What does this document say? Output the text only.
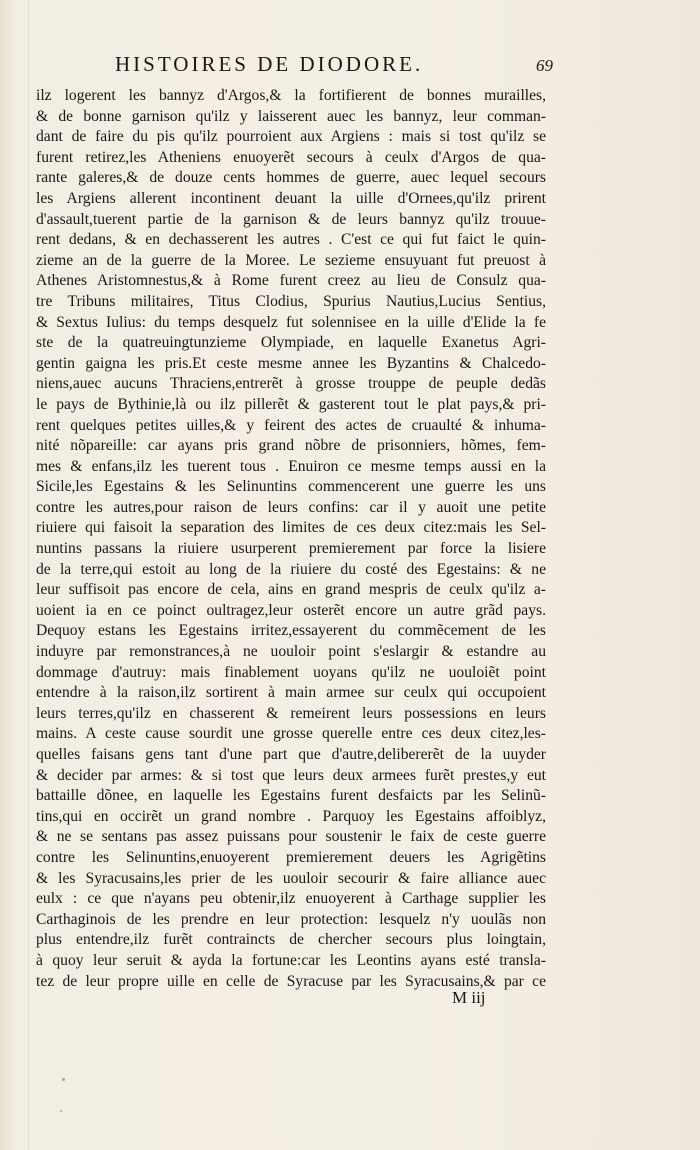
HISTOIRES DE DIODORE.	69
ilz logerent les bannyz d'Argos,& la fortifierent de bonnes murailles,
& de bonne garnison qu'ilz y laisserent auec les bannyz, leur comman-
dant de faire du pis qu'ilz pourroient aux Argiens : mais si tost qu'ilz se
furent retirez,les Atheniens enuoyerẽt secours à ceulx d'Argos de qua-
rante galeres,& de douze cents hommes de guerre, auec lequel secours
les Argiens allerent incontinent deuant la uille d'Ornees,qu'ilz prirent
d'assault,tuerent partie de la garnison & de leurs bannyz qu'ilz trouue-
rent dedans, & en dechasserent les autres . C'est ce qui fut faict le quin-
zieme an de la guerre de la Moree. Le sezieme ensuyuant fut preuost à
Athenes Aristomnestus,& à Rome furent creez au lieu de Consulz qua-
tre Tribuns militaires, Titus Clodius, Spurius Nautius,Lucius Sentius,
& Sextus Iulius: du temps desquelz fut solennisee en la uille d'Elide la fe
ste de la quatreuingtunzieme Olympiade, en laquelle Exanetus Agri-
gentin gaigna les pris.Et ceste mesme annee les Byzantins & Chalcedo-
niens,auec aucuns Thraciens,entrerẽt à grosse trouppe de peuple dedãs
le pays de Bythinie,là ou ilz pillerẽt & gasterent tout le plat pays,& pri-
rent quelques petites uilles,& y feirent des actes de cruaulté & inhuma-
nité nõpareille: car ayans pris grand nõbre de prisonniers, hõmes, fem-
mes & enfans,ilz les tuerent tous . Enuiron ce mesme temps aussi en la
Sicile,les Egestains & les Selinuntins commencerent une guerre les uns
contre les autres,pour raison de leurs confins: car il y auoit une petite
riuiere qui faisoit la separation des limites de ces deux citez:mais les Sel-
nuntins passans la riuiere usurperent premierement par force la lisiere
de la terre,qui estoit au long de la riuiere du costé des Egestains: & ne
leur suffisoit pas encore de cela, ains en grand mespris de ceulx qu'ilz a-
uoient ia en ce poinct oultragez,leur osterẽt encore un autre grãd pays.
Dequoy estans les Egestains irritez,essayerent du commẽcement de les
induyre par remonstrances,à ne uouloir point s'eslargir & estandre au
dommage d'autruy: mais finablement uoyans qu'ilz ne uouloiẽt point
entendre à la raison,ilz sortirent à main armee sur ceulx qui occupoient
leurs terres,qu'ilz en chasserent & remeirent leurs possessions en leurs
mains. A ceste cause sourdit une grosse querelle entre ces deux citez,les-
quelles faisans gens tant d'une part que d'autre,delibererẽt de la uuyder
& decider par armes: & si tost que leurs deux armees furẽt prestes,y eut
battaille dõnee, en laquelle les Egestains furent desfaicts par les Selinũ-
tins,qui en occirẽt un grand nombre . Parquoy les Egestains affoiblyz,
& ne se sentans pas assez puissans pour soustenir le faix de ceste guerre
contre les Selinuntins,enuoyerent premierement deuers les Agrigẽtins
& les Syracusains,les prier de les uouloir secourir & faire alliance auec
eulx : ce que n'ayans peu obtenir,ilz enuoyerent à Carthage supplier les
Carthaginois de les prendre en leur protection: lesquelz n'y uoulãs non
plus entendre,ilz furẽt contraincts de chercher secours plus loingtain,
à quoy leur seruit & ayda la fortune:car les Leontins ayans esté transla-
tez de leur propre uille en celle de Syracuse par les Syracusains,& par ce
M iij
